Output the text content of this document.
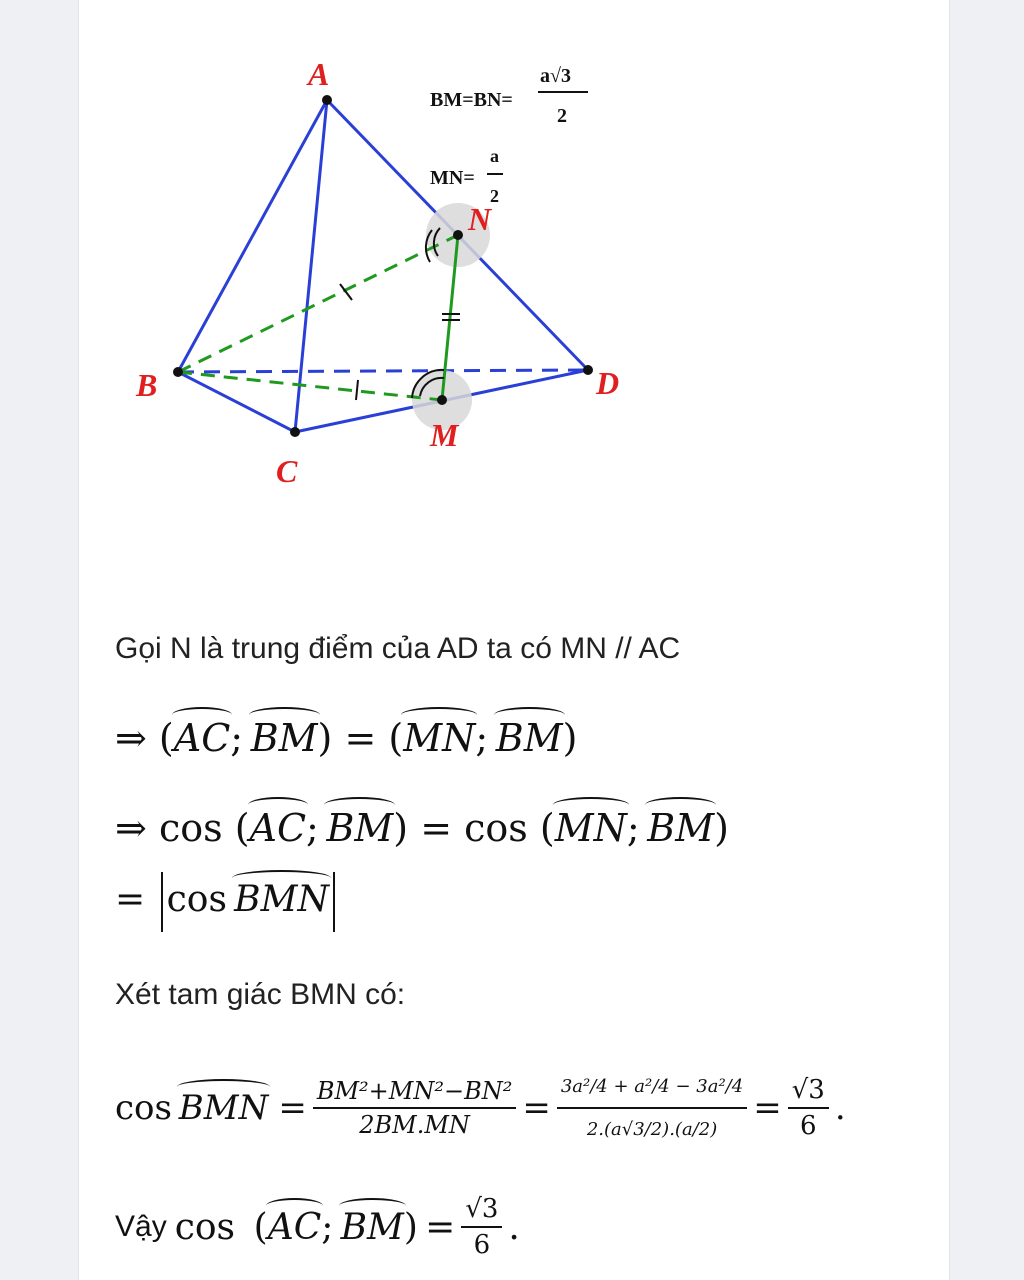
A
B
C
D
M
N
BM=BN=
a√3
2
MN=
a
2
Gọi N là trung điểm của AD ta có MN // AC
⇒ (AC; BM) = (MN; BM)
⇒ cos (AC; BM) = cos (MN; BM)
= cos  BMN
Xét tam giác BMN có:
cos
  BMN = $\frac{\text{BM²+MN²−BN²}}{2BM.MN} = \frac{\text{3a²/4 + a²/4 − 3a²/4}}{2.(a√3/2).(a/2)} = \frac{√3}{6}$ .
Vậy cos   ( AC ;  BM )  = $\frac{√3}{6}$ .
